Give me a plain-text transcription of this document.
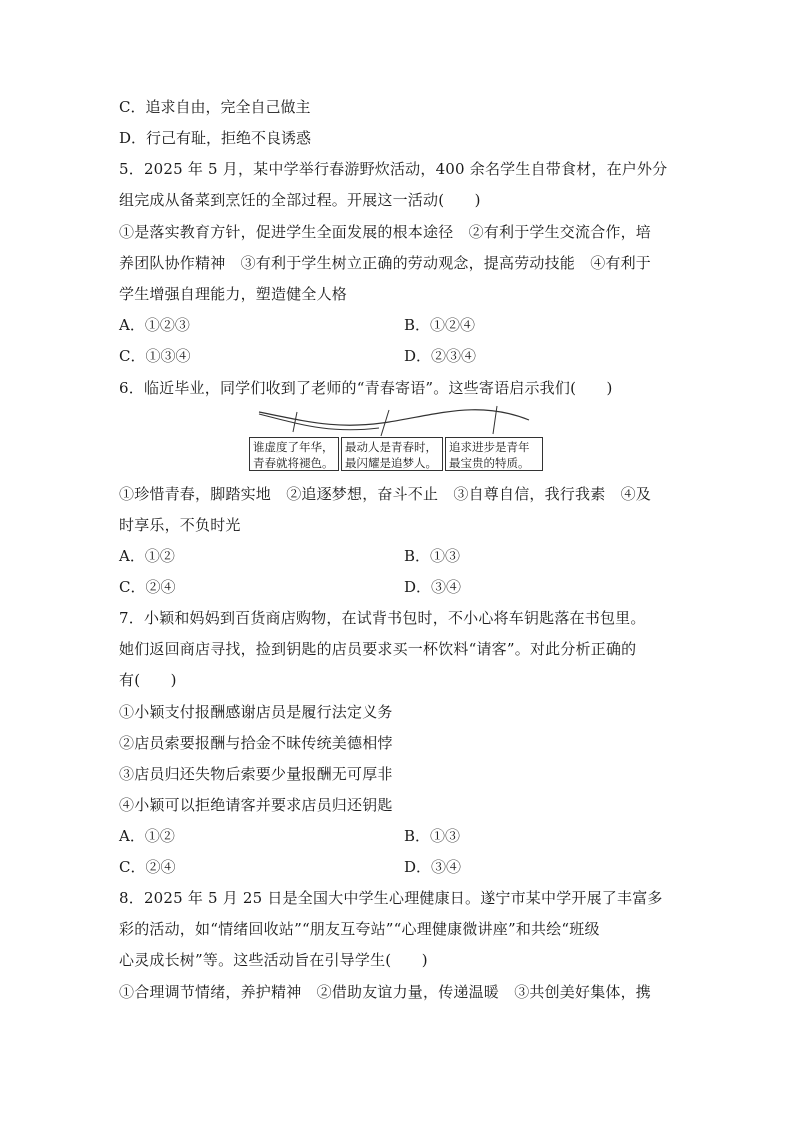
C．追求自由，完全自己做主
D．行己有耻，拒绝不良诱惑
5．2025 年 5 月，某中学举行春游野炊活动，400 余名学生自带食材，在户外分
组完成从备菜到烹饪的全部过程。开展这一活动(　　)
①是落实教育方针，促进学生全面发展的根本途径　②有利于学生交流合作，培
养团队协作精神　③有利于学生树立正确的劳动观念，提高劳动技能　④有利于
学生增强自理能力，塑造健全人格
A．①②③	B．①②④
C．①③④	D．②③④
6．临近毕业，同学们收到了老师的“青春寄语”。这些寄语启示我们(　　)
谁虚度了年华，
青春就将褪色。
最动人是青春时，
最闪耀是追梦人。
追求进步是青年
最宝贵的特质。
①珍惜青春，脚踏实地　②追逐梦想，奋斗不止　③自尊自信，我行我素　④及
时享乐，不负时光
A．①②	B．①③
C．②④	D．③④
7．小颖和妈妈到百货商店购物，在试背书包时，不小心将车钥匙落在书包里。
她们返回商店寻找，捡到钥匙的店员要求买一杯饮料“请客”。对此分析正确的
有(　　)
①小颖支付报酬感谢店员是履行法定义务
②店员索要报酬与拾金不昧传统美德相悖
③店员归还失物后索要少量报酬无可厚非
④小颖可以拒绝请客并要求店员归还钥匙
A．①②	B．①③
C．②④	D．③④
8．2025 年 5 月 25 日是全国大中学生心理健康日。遂宁市某中学开展了丰富多
彩的活动，如“情绪回收站”“朋友互夸站”“心理健康微讲座”和共绘“班级
心灵成长树”等。这些活动旨在引导学生(　　)
①合理调节情绪，养护精神　②借助友谊力量，传递温暖　③共创美好集体，携
